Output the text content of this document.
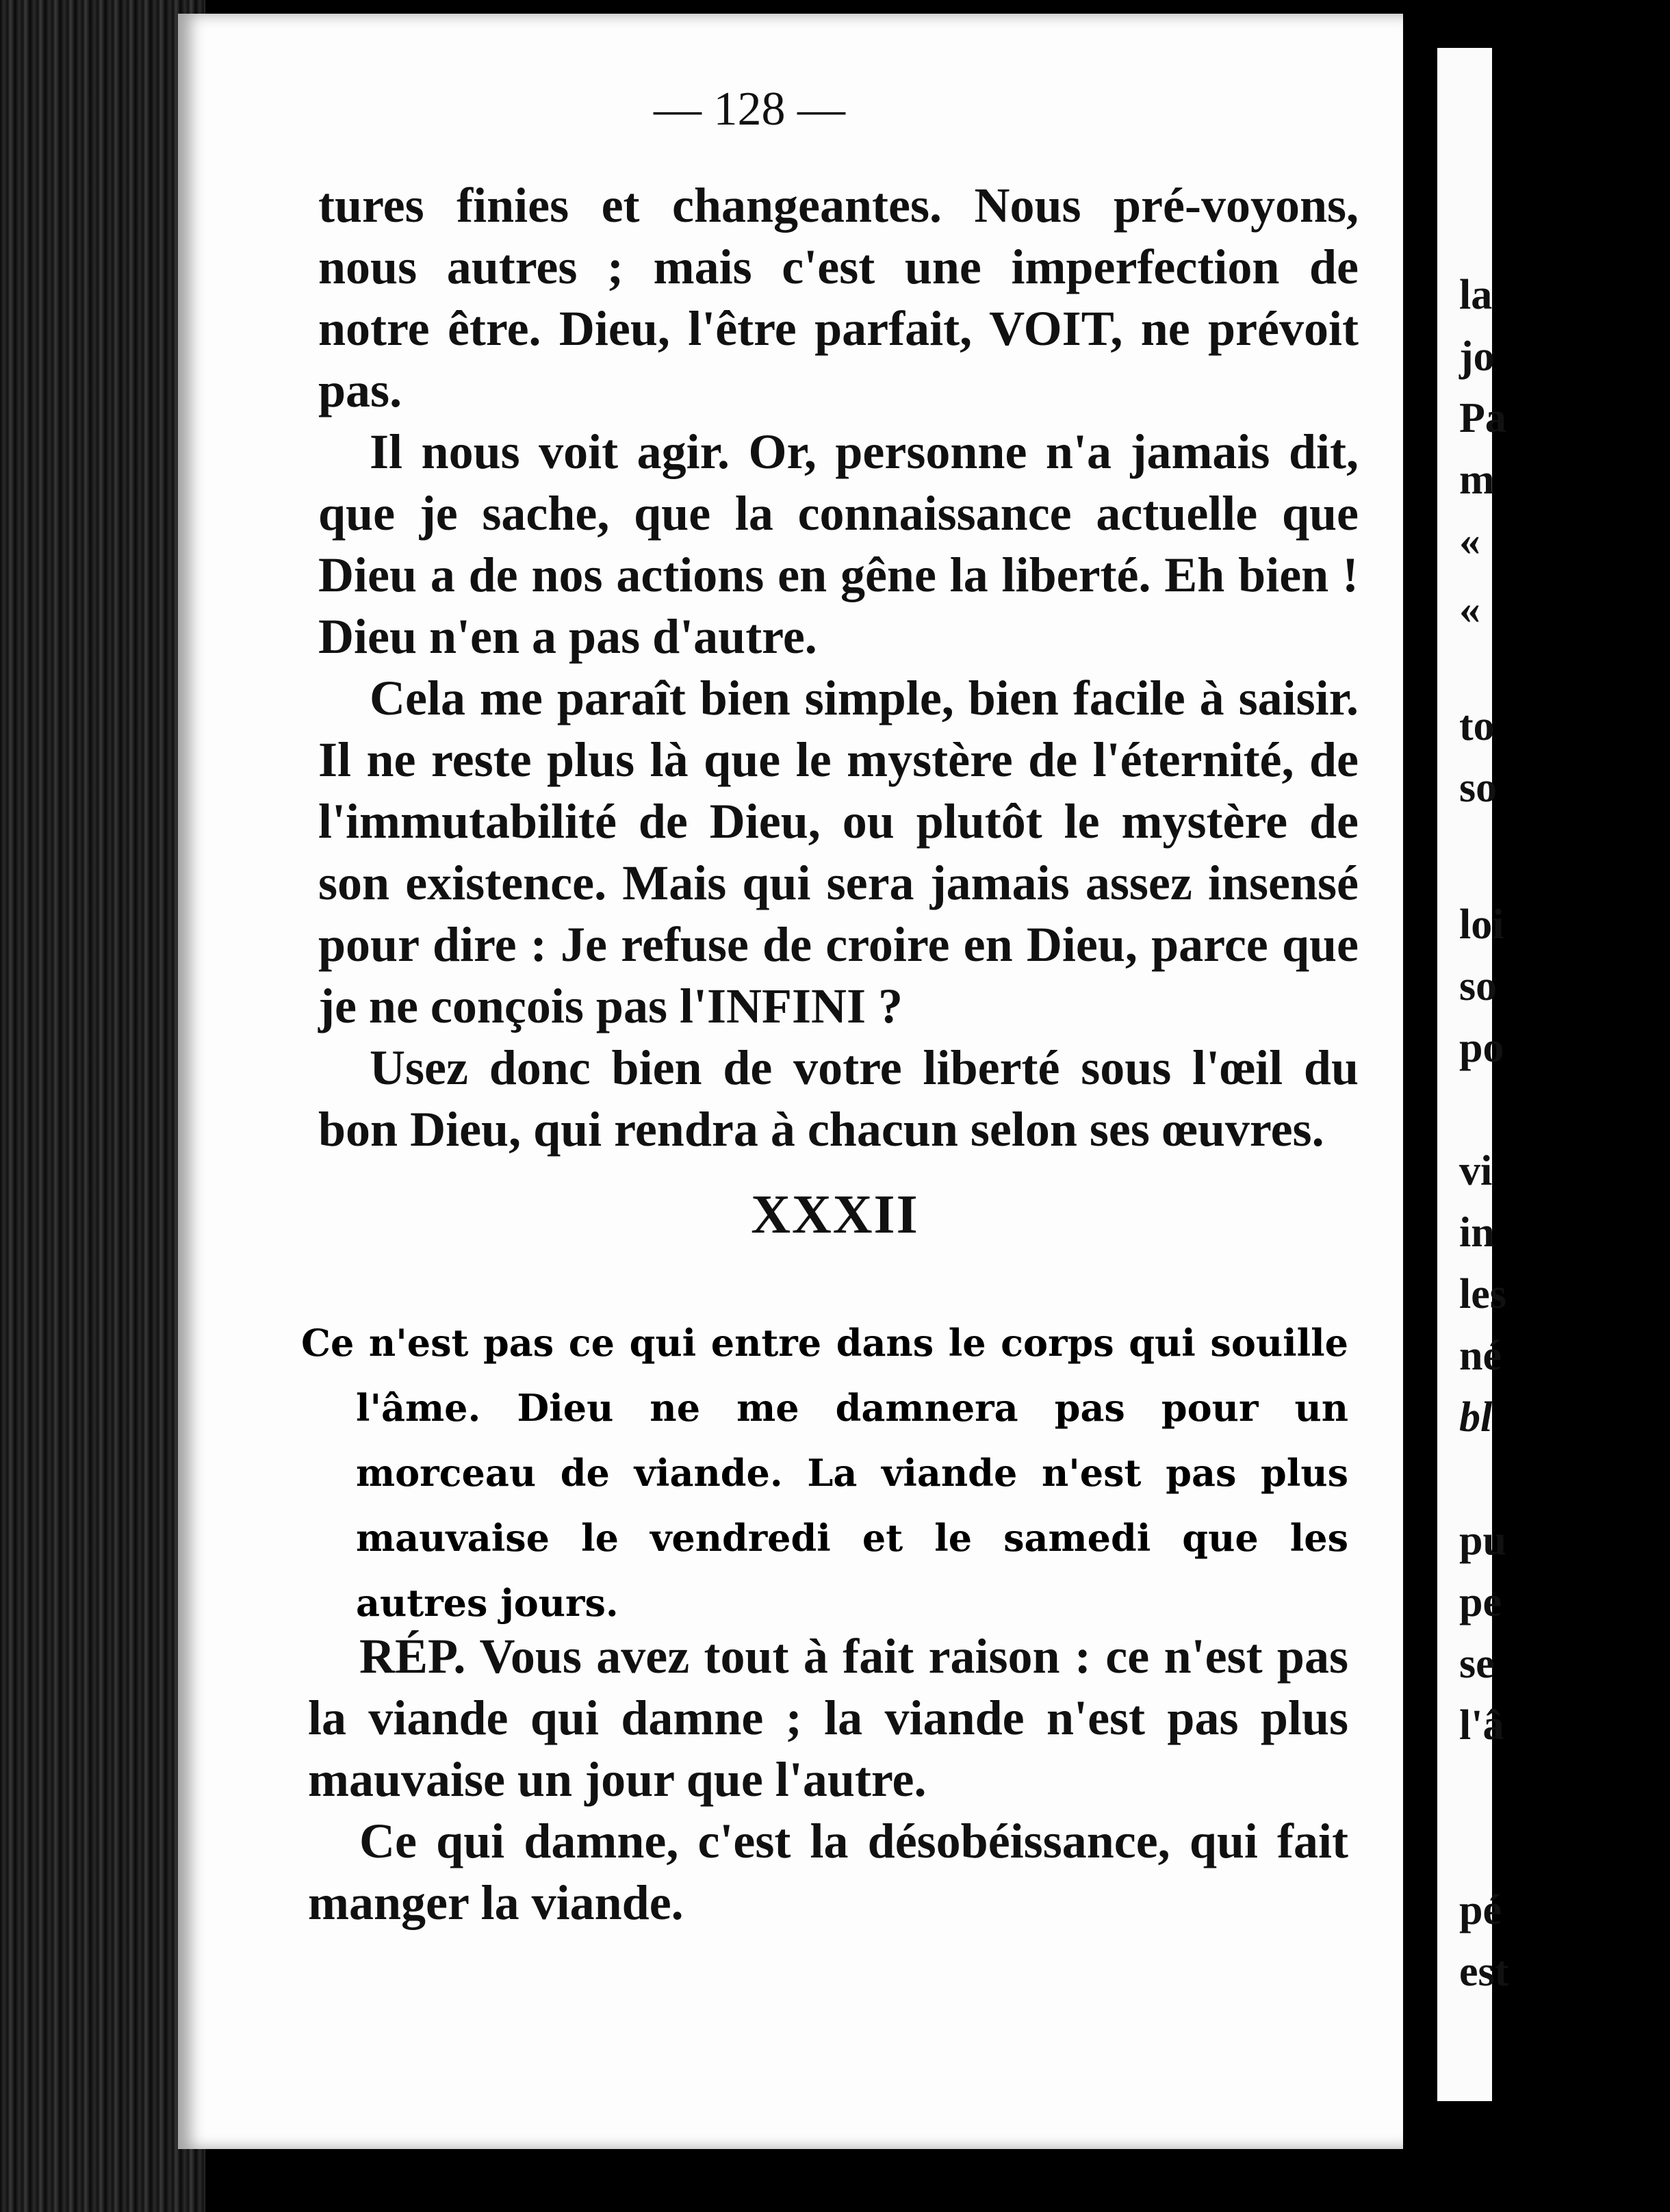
la
jo
Pa
m
«
«
to
so
loi
so
po
vi
in
les
né
bl
pu
pe
se
l'â
pé
est
— 128 —

tures finies et changeantes. Nous pré-voyons, nous autres ; mais c'est une imperfection de notre être. Dieu, l'être parfait, VOIT, ne prévoit pas.

Il nous voit agir. Or, personne n'a jamais dit, que je sache, que la connaissance actuelle que Dieu a de nos actions en gêne la liberté. Eh bien ! Dieu n'en a pas d'autre.

Cela me paraît bien simple, bien facile à saisir. Il ne reste plus là que le mystère de l'éternité, de l'immutabilité de Dieu, ou plutôt le mystère de son existence. Mais qui sera jamais assez insensé pour dire : Je refuse de croire en Dieu, parce que je ne conçois pas l'INFINI ?

Usez donc bien de votre liberté sous l'œil du bon Dieu, qui rendra à chacun selon ses œuvres.

XXXII

Ce n'est pas ce qui entre dans le corps qui souille l'âme. Dieu ne me damnera pas pour un morceau de viande. La viande n'est pas plus mauvaise le vendredi et le samedi que les autres jours.

RÉP. Vous avez tout à fait raison : ce n'est pas la viande qui damne ; la viande n'est pas plus mauvaise un jour que l'autre.

Ce qui damne, c'est la désobéissance, qui fait manger la viande.
